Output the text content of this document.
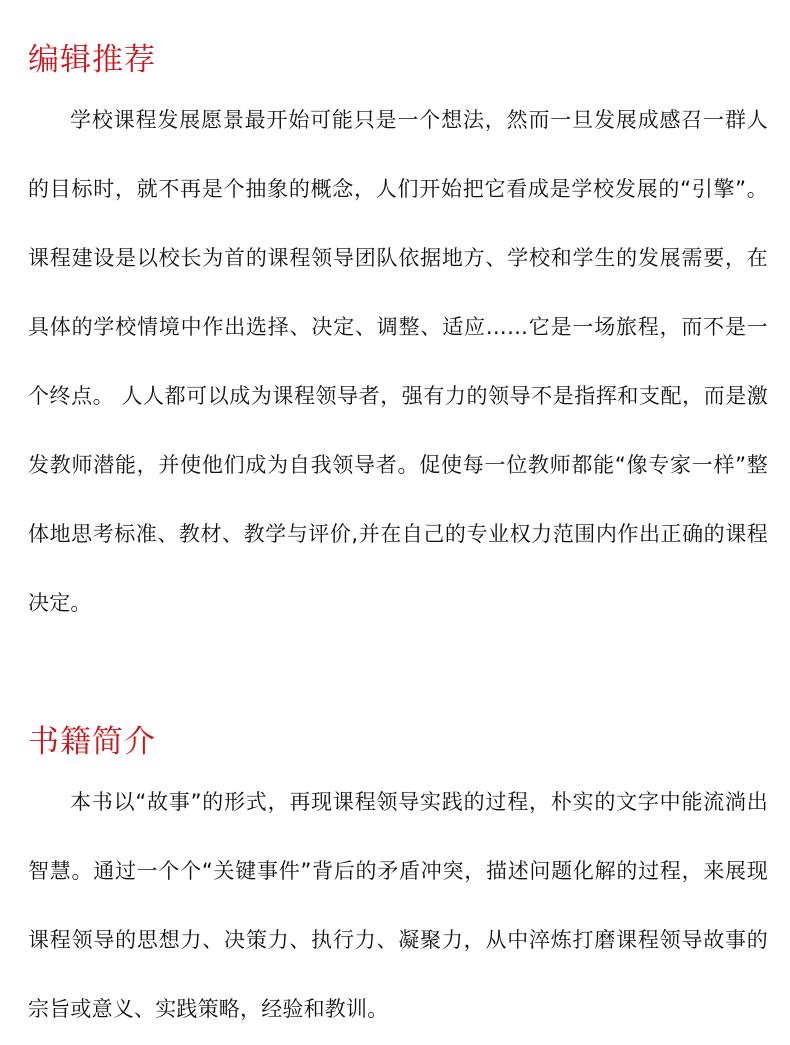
编辑推荐

学校课程发展愿景最开始可能只是一个想法，然而一旦发展成感召一群人的目标时，就不再是个抽象的概念，人们开始把它看成是学校发展的“引擎”。 课程建设是以校长为首的课程领导团队依据地方、学校和学生的发展需要，在具体的学校情境中作出选择、决定、调整、适应……它是一场旅程，而不是一个终点。 人人都可以成为课程领导者，强有力的领导不是指挥和支配，而是激发教师潜能，并使他们成为自我领导者。促使每一位教师都能“像专家一样”整体地思考标准、教材、教学与评价,并在自己的专业权力范围内作出正确的课程决定。

书籍简介

本书以“故事”的形式，再现课程领导实践的过程，朴实的文字中能流淌出智慧。通过一个个“关键事件”背后的矛盾冲突，描述问题化解的过程，来展现课程领导的思想力、决策力、执行力、凝聚力，从中淬炼打磨课程领导故事的宗旨或意义、实践策略，经验和教训。
